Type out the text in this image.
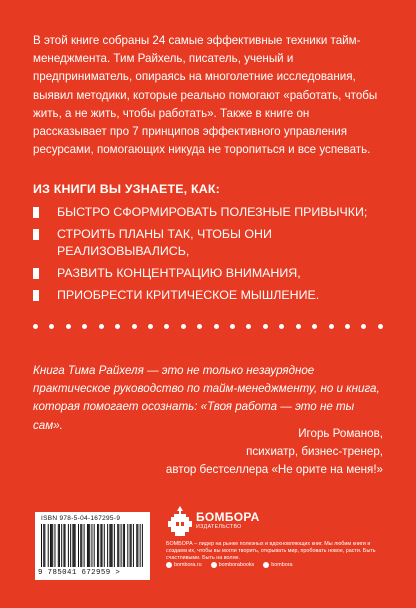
В этой книге собраны 24 самые эффективные техники тайм-менеджмента. Тим Райхель, писатель, ученый и предприниматель, опираясь на многолетние исследования, выявил методики, которые реально помогают «работать, чтобы жить, а не жить, чтобы работать». Также в книге он рассказывает про 7 принципов эффективного управления ресурсами, помогающих никуда не торопиться и все успевать.

ИЗ КНИГИ ВЫ УЗНАЕТЕ, КАК:
БЫСТРО СФОРМИРОВАТЬ ПОЛЕЗНЫЕ ПРИВЫЧКИ;
СТРОИТЬ ПЛАНЫ ТАК, ЧТОБЫ ОНИ РЕАЛИЗОВЫВАЛИСЬ,
РАЗВИТЬ КОНЦЕНТРАЦИЮ ВНИМАНИЯ,
ПРИОБРЕСТИ КРИТИЧЕСКОЕ МЫШЛЕНИЕ.

Книга Тима Райхеля — это не только незаурядное практическое руководство по тайм-менеджменту, но и книга, которая помогает осознать: «Твоя работа — это не ты сам».

Игорь Романов,
психиатр, бизнес-тренер,
автор бестселлера «Не орите на меня!»
ISBN 978-5-04-167295-9
9 785041 672959 >
БОМБОРА
ИЗДАТЕЛЬСТВО

БОМБОРА – лидер на рынке полезных и вдохновляющих книг. Мы любим книги и создаем их, чтобы вы могли творить, открывать мир, пробовать новое, расти. Быть счастливыми. Быть на волне.

bombora.ru	bomborabooks	bombora
